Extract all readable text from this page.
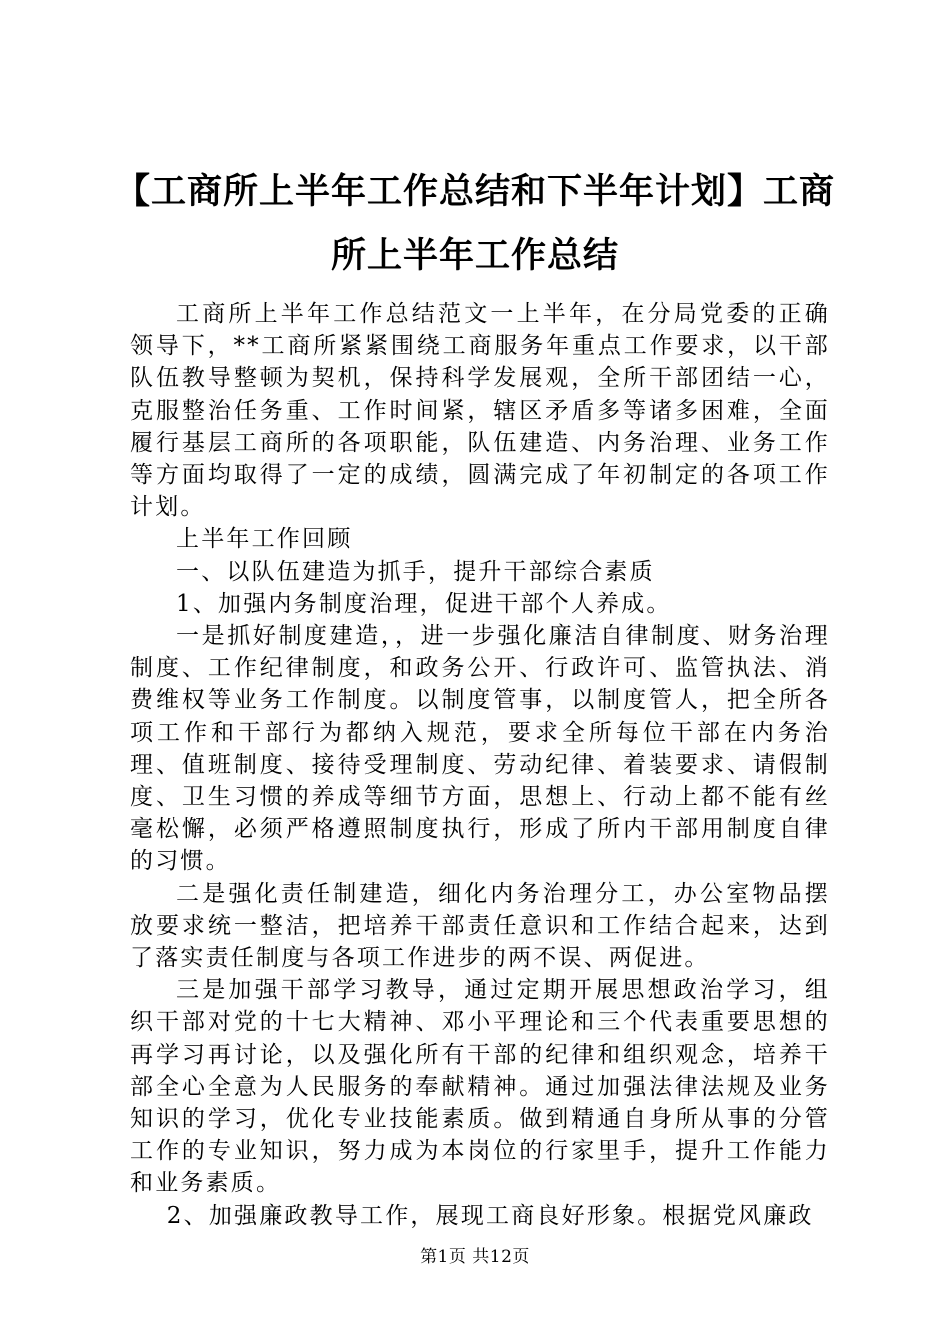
【工商所上半年工作总结和下半年计划】工商所上半年工作总结

工商所上半年工作总结范文一上半年，在分局党委的正确领导下，**工商所紧紧围绕工商服务年重点工作要求，以干部队伍教导整顿为契机，保持科学发展观，全所干部团结一心，克服整治任务重、工作时间紧，辖区矛盾多等诸多困难，全面履行基层工商所的各项职能，队伍建造、内务治理、业务工作等方面均取得了一定的成绩，圆满完成了年初制定的各项工作计划。

上半年工作回顾

一、以队伍建造为抓手，提升干部综合素质

1、加强内务制度治理，促进干部个人养成。

一是抓好制度建造，，进一步强化廉洁自律制度、财务治理制度、工作纪律制度，和政务公开、行政许可、监管执法、消费维权等业务工作制度。以制度管事，以制度管人，把全所各项工作和干部行为都纳入规范，要求全所每位干部在内务治理、值班制度、接待受理制度、劳动纪律、着装要求、请假制度、卫生习惯的养成等细节方面，思想上、行动上都不能有丝毫松懈，必须严格遵照制度执行，形成了所内干部用制度自律的习惯。

二是强化责任制建造，细化内务治理分工，办公室物品摆放要求统一整洁，把培养干部责任意识和工作结合起来，达到了落实责任制度与各项工作进步的两不误、两促进。

三是加强干部学习教导，通过定期开展思想政治学习，组织干部对党的十七大精神、邓小平理论和三个代表重要思想的再学习再讨论，以及强化所有干部的纪律和组织观念，培养干部全心全意为人民服务的奉献精神。通过加强法律法规及业务知识的学习，优化专业技能素质。做到精通自身所从事的分管工作的专业知识，努力成为本岗位的行家里手，提升工作能力和业务素质。

2、加强廉政教导工作，展现工商良好形象。根据党风廉政

第1页 共12页
